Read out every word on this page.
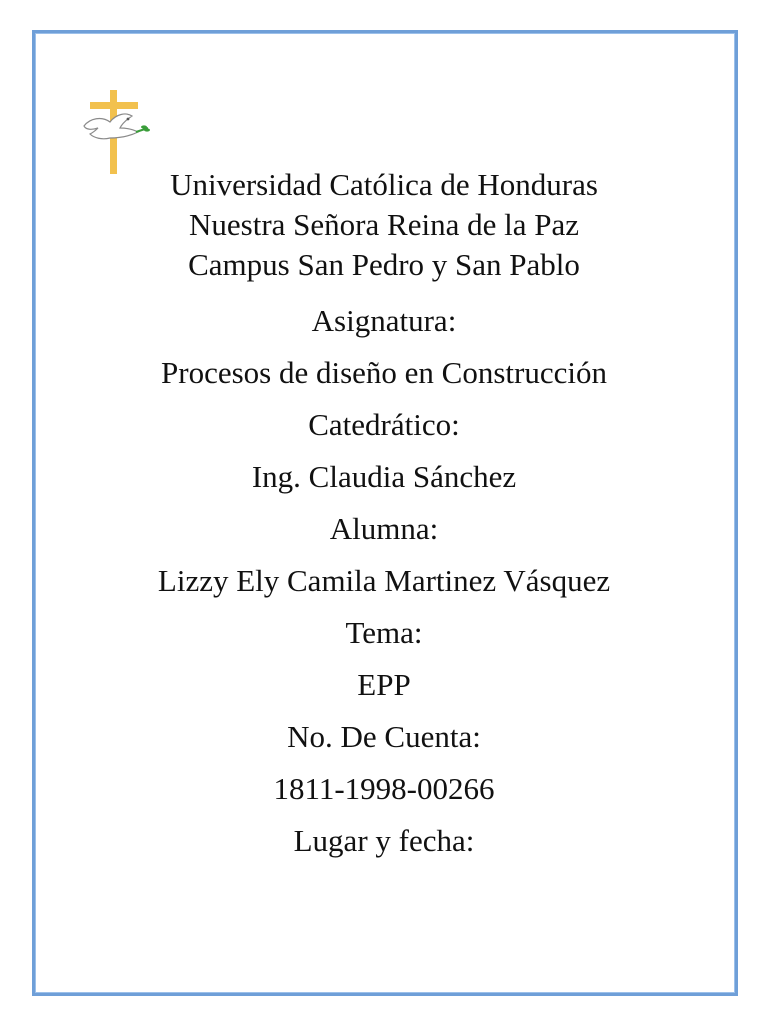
Universidad Católica de Honduras
Nuestra Señora Reina de la Paz
Campus San Pedro y San Pablo
Asignatura:
Procesos de diseño en Construcción
Catedrático:
Ing. Claudia Sánchez
Alumna:
Lizzy Ely Camila Martinez Vásquez
Tema:
EPP
No. De Cuenta:
1811-1998-00266
Lugar y fecha:
